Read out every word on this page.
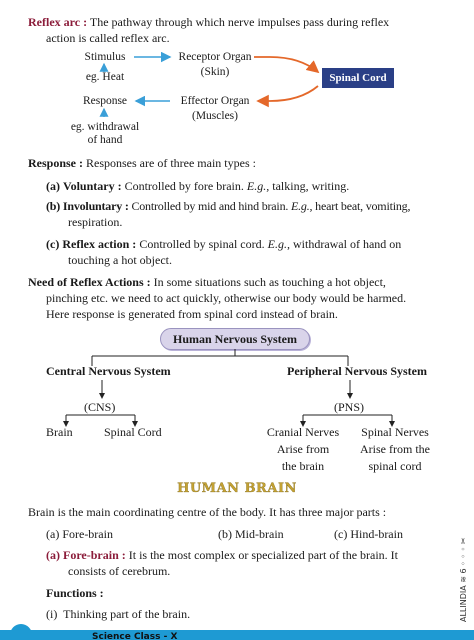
Reflex arc : The pathway through which nerve impulses pass during reflex
action is called reflex arc.
Stimulus
eg. Heat
Receptor Organ
(Skin)	Spinal Cord
Response
eg. withdrawal
of hand
Effector Organ
(Muscles)
Response : Responses are of three main types :
(a) Voluntary : Controlled by fore brain. E.g., talking, writing.
(b) Involuntary : Controlled by mid and hind brain. E.g., heart beat, vomiting,
respiration.
(c) Reflex action : Controlled by spinal cord. E.g., withdrawal of hand on
touching a hot object.
Need of Reflex Actions : In some situations such as touching a hot object,
pinching etc. we need to act quickly, otherwise our body would be harmed.
Here response is generated from spinal cord instead of brain.
Human Nervous System
Central Nervous System
(CNS)
Brain	Spinal Cord
Peripheral Nervous System
(PNS)
Cranial Nerves
Arise from
the brain
Spinal Nerves
Arise from the
spinal cord
HUMAN BRAIN
Brain is the main coordinating centre of the body. It has three major parts :
(a) Fore-brain	(b) Mid-brain	(c) Hind-brain
(a) Fore-brain : It is the most complex or specialized part of the brain. It
consists of cerebrum.
Functions :
(i)  Thinking part of the brain.	ALLINDIA ≋ 6 ◦ ◦ ◦ ✂
Science Class - X
